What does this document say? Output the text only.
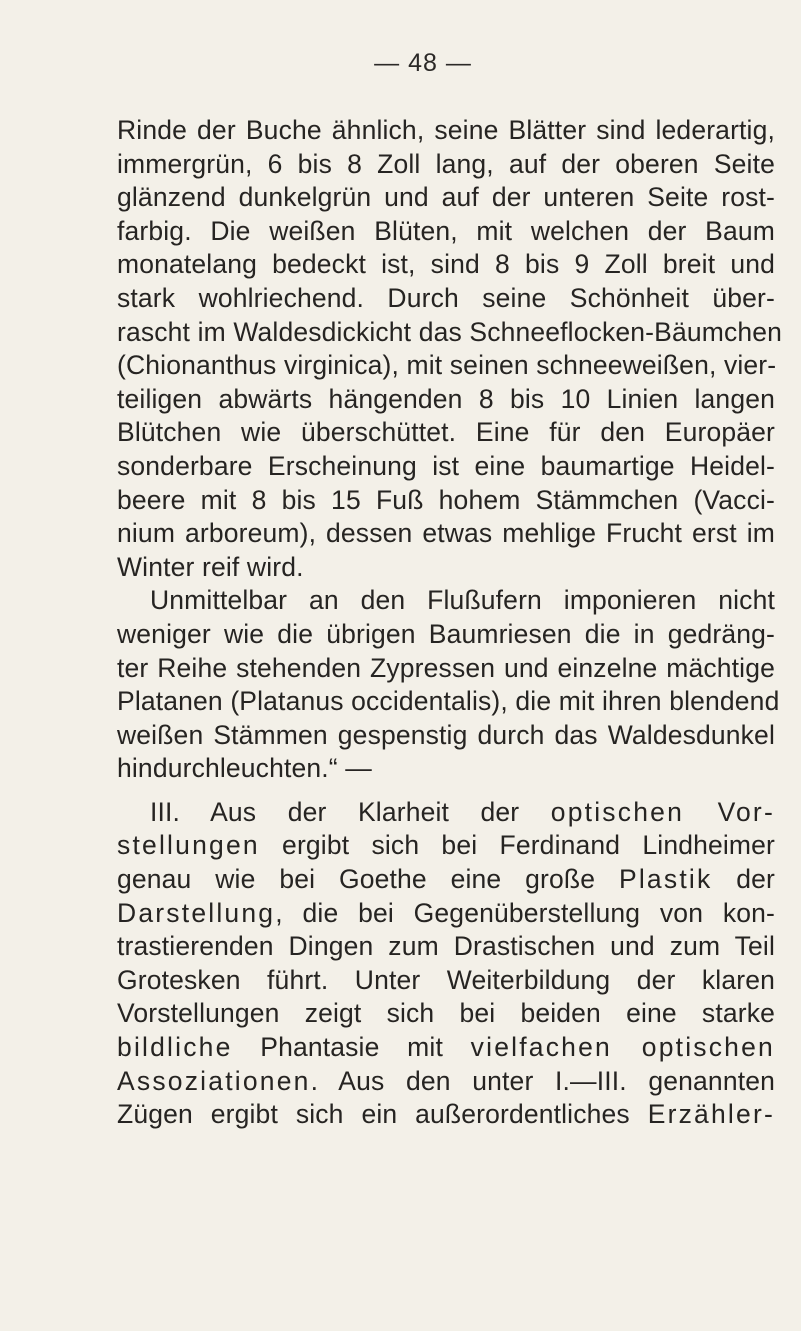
— 48 —
Rinde der Buche ähnlich, seine Blätter sind lederartig,
immergrün, 6 bis 8 Zoll lang, auf der oberen Seite
glänzend dunkelgrün und auf der unteren Seite rost-
farbig. Die weißen Blüten, mit welchen der Baum
monatelang bedeckt ist, sind 8 bis 9 Zoll breit und
stark wohlriechend. Durch seine Schönheit über-
rascht im Waldesdickicht das Schneeflocken-Bäumchen
(Chionanthus virginica), mit seinen schneeweißen, vier-
teiligen abwärts hängenden 8 bis 10 Linien langen
Blütchen wie überschüttet. Eine für den Europäer
sonderbare Erscheinung ist eine baumartige Heidel-
beere mit 8 bis 15 Fuß hohem Stämmchen (Vacci-
nium arboreum), dessen etwas mehlige Frucht erst im
Winter reif wird.
Unmittelbar an den Flußufern imponieren nicht
weniger wie die übrigen Baumriesen die in gedräng-
ter Reihe stehenden Zypressen und einzelne mächtige
Platanen (Platanus occidentalis), die mit ihren blendend
weißen Stämmen gespenstig durch das Waldesdunkel
hindurchleuchten.“ —
III. Aus der Klarheit der optischen Vor-
stellungen ergibt sich bei Ferdinand Lindheimer
genau wie bei Goethe eine große Plastik der
Darstellung, die bei Gegenüberstellung von kon-
trastierenden Dingen zum Drastischen und zum Teil
Grotesken führt. Unter Weiterbildung der klaren
Vorstellungen zeigt sich bei beiden eine starke
bildliche Phantasie mit vielfachen optischen
Assoziationen. Aus den unter I.—III. genannten
Zügen ergibt sich ein außerordentliches Erzähler-
